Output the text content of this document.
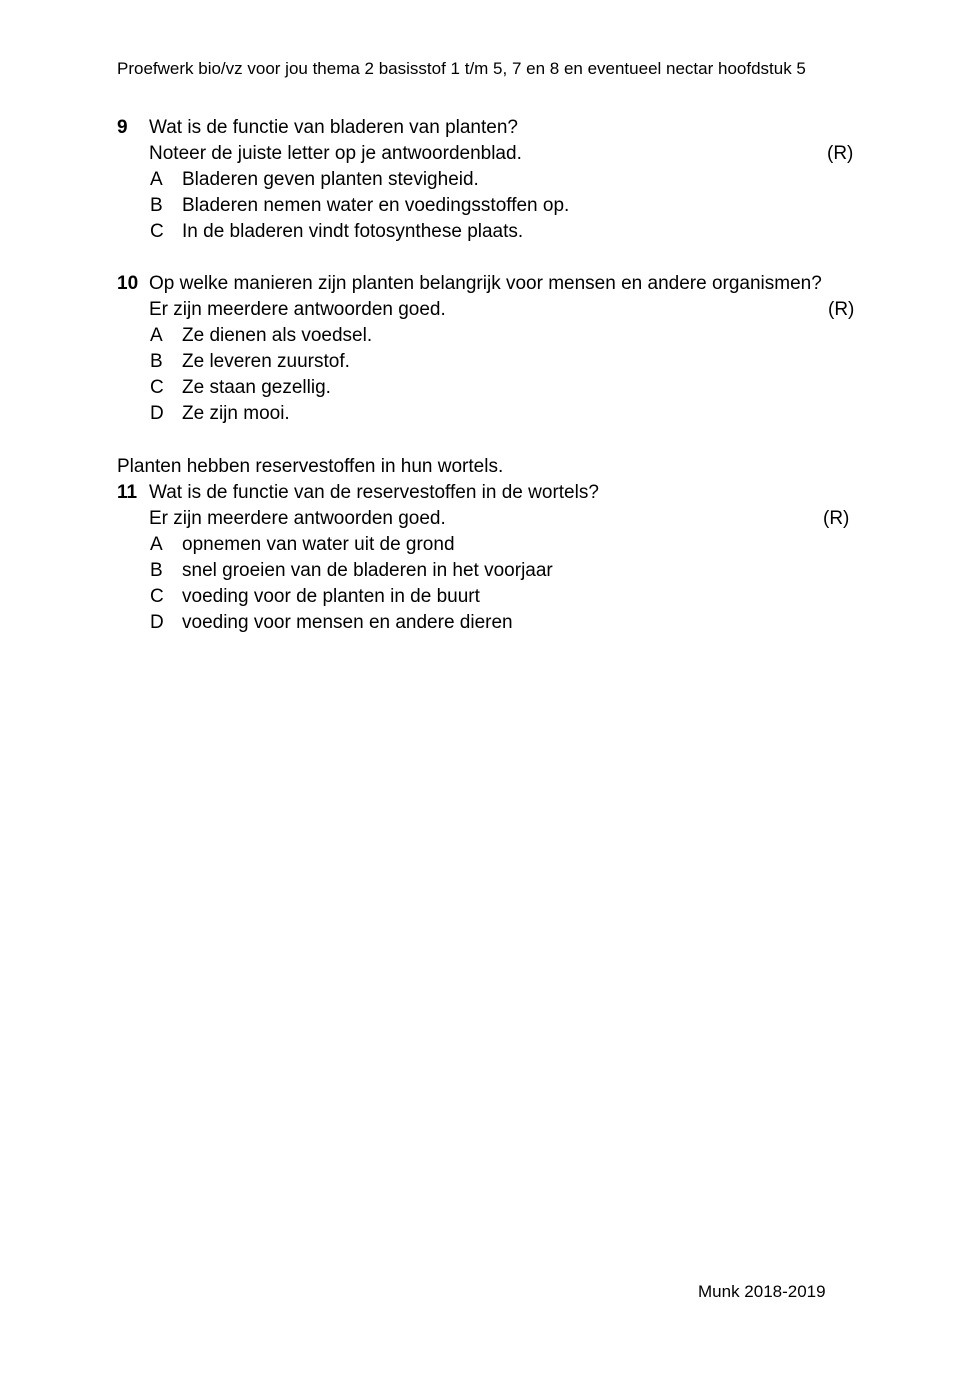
Proefwerk bio/vz voor jou thema 2 basisstof 1 t/m 5, 7 en 8 en eventueel nectar hoofdstuk 5
9 Wat is de functie van bladeren van planten?
Noteer de juiste letter op je antwoordenblad.	(R)
A Bladeren geven planten stevigheid.
B Bladeren nemen water en voedingsstoffen op.
C In de bladeren vindt fotosynthese plaats.
10 Op welke manieren zijn planten belangrijk voor mensen en andere organismen?
Er zijn meerdere antwoorden goed.	(R)
A Ze dienen als voedsel.
B Ze leveren zuurstof.
C Ze staan gezellig.
D Ze zijn mooi.
Planten hebben reservestoffen in hun wortels.
11 Wat is de functie van de reservestoffen in de wortels?
Er zijn meerdere antwoorden goed.	(R)
A opnemen van water uit de grond
B snel groeien van de bladeren in het voorjaar
C voeding voor de planten in de buurt
D voeding voor mensen en andere dieren
Munk 2018-2019
